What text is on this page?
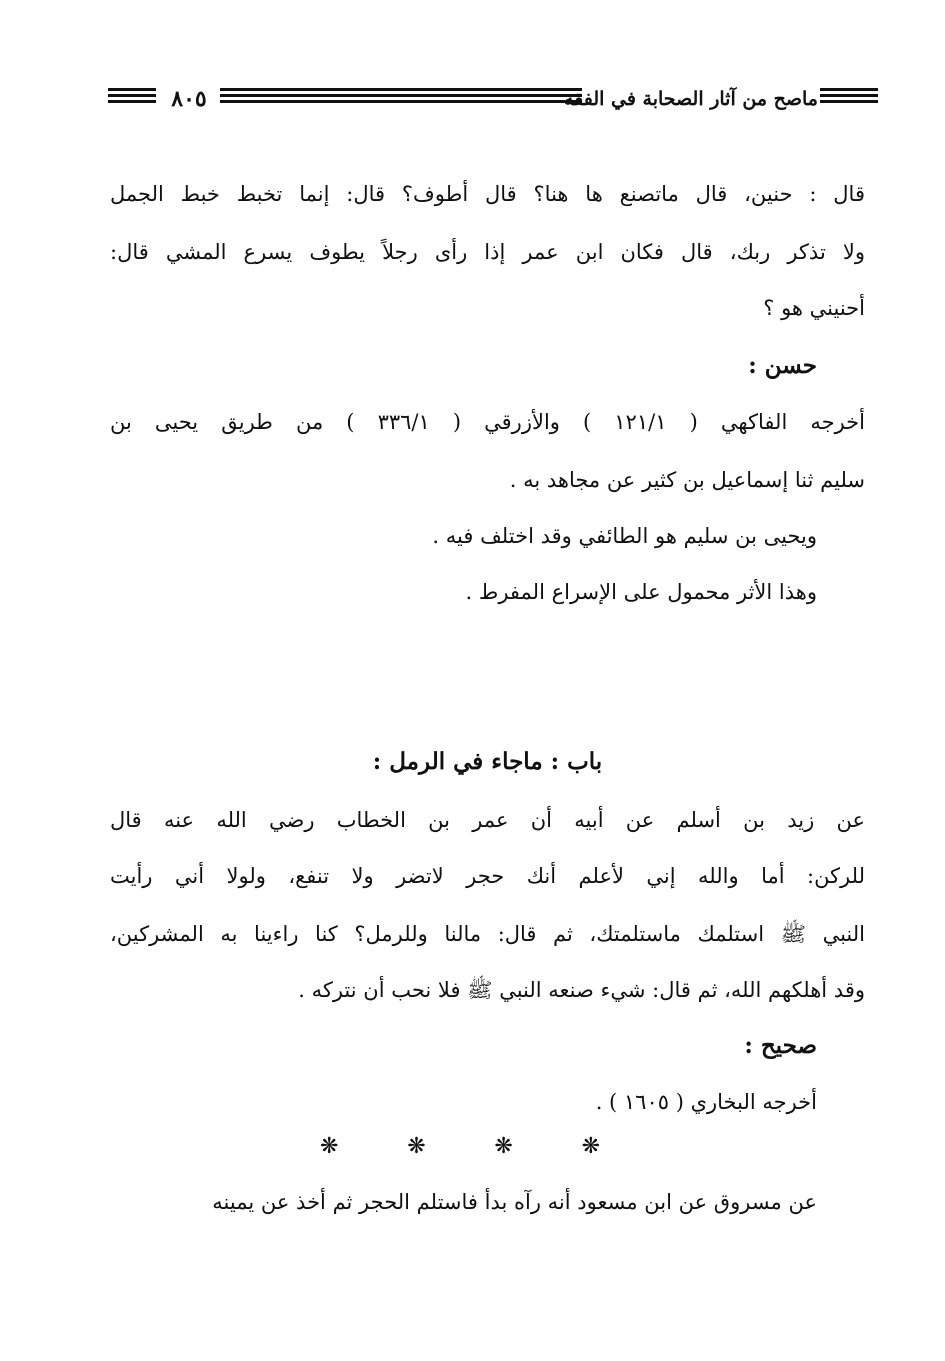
٨٠٥	ماصح من آثار الصحابة في الفقه
قال : حنين، قال ماتصنع ها هنا؟ قال أطوف؟ قال: إنما تخبط خبط الجمل
ولا تذكر ربك، قال فكان ابن عمر إذا رأى رجلاً يطوف يسرع المشي قال:
أحنيني هو ؟
حسن :
أخرجه الفاكهي ( ١٢١/١ ) والأزرقي ( ٣٣٦/١ ) من طريق يحيى بن
سليم ثنا إسماعيل بن كثير عن مجاهد به .
ويحيى بن سليم هو الطائفي وقد اختلف فيه .
وهذا الأثر محمول على الإسراع المفرط .
باب : ماجاء في الرمل :
عن زيد بن أسلم عن أبيه أن عمر بن الخطاب رضي الله عنه قال
للركن: أما والله إني لأعلم أنك حجر لاتضر ولا تنفع، ولولا أني رأيت
النبي ﷺ استلمك ماستلمتك، ثم قال: مالنا وللرمل؟ كنا راءينا به المشركين،
وقد أهلكهم الله، ثم قال: شيء صنعه النبي ﷺ فلا نحب أن نتركه .
صحيح :
أخرجه البخاري ( ١٦٠٥ ) .
❋	❋	❋	❋
عن مسروق عن ابن مسعود أنه رآه بدأ فاستلم الحجر ثم أخذ عن يمينه
